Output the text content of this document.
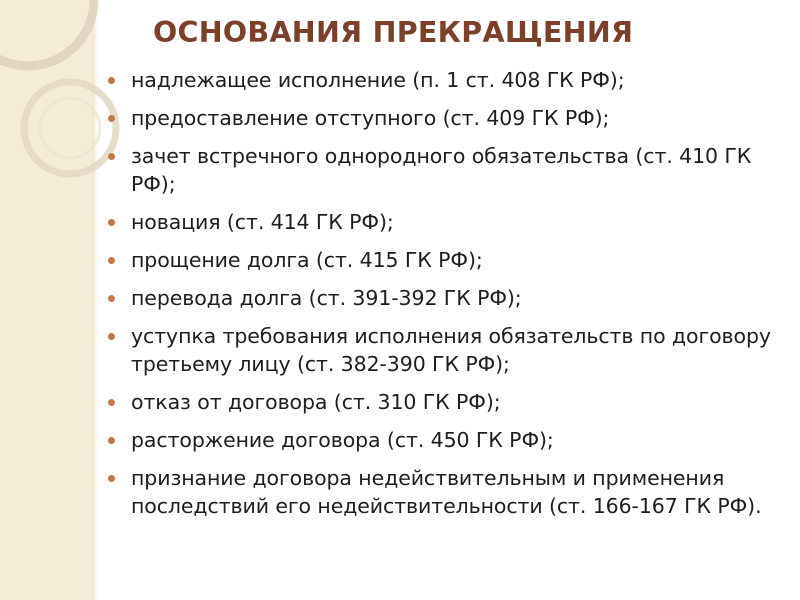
ОСНОВАНИЯ ПРЕКРАЩЕНИЯ
надлежащее исполнение (п. 1 ст. 408 ГК РФ);
предоставление отступного (ст. 409 ГК РФ);
зачет встречного однородного обязательства (ст. 410 ГК РФ);
новация (ст. 414 ГК РФ);
прощение долга (ст. 415 ГК РФ);
перевода долга (ст. 391-392 ГК РФ);
уступка требования исполнения обязательств по договору третьему лицу (ст. 382-390 ГК РФ);
отказ от договора (ст. 310 ГК РФ);
расторжение договора (ст. 450 ГК РФ);
признание договора недействительным и применения последствий его недействительности (ст. 166-167 ГК РФ).
